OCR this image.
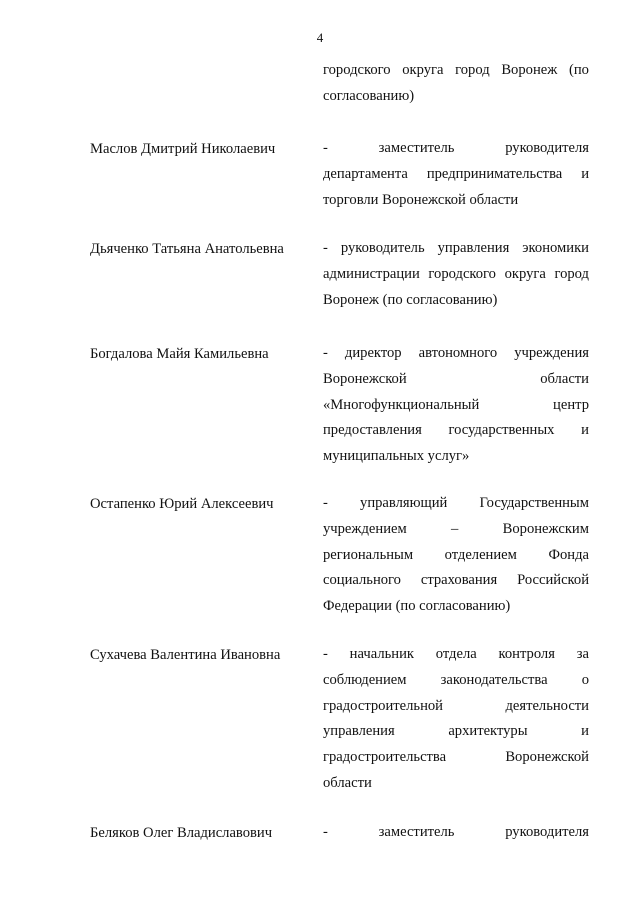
4
городского округа город Воронеж (по
согласованию)
Маслов Дмитрий Николаевич	-	заместитель	руководителя
департамента предпринимательства и
торговли Воронежской области
Дьяченко Татьяна Анатольевна	- руководитель управления экономики
администрации городского округа город
Воронеж (по согласованию)
Богдалова Майя Камильевна	- директор автономного учреждения
Воронежской	области
«Многофункциональный	центр
предоставления государственных и
муниципальных услуг»
Остапенко Юрий Алексеевич	- управляющий Государственным
учреждением	–	Воронежским
региональным отделением Фонда
социального страхования Российской
Федерации (по согласованию)
Сухачева Валентина Ивановна	- начальник отдела контроля за
соблюдением законодательства о
градостроительной	деятельности
управления	архитектуры	и
градостроительства	Воронежской
области
Беляков Олег Владиславович	-	заместитель	руководителя
